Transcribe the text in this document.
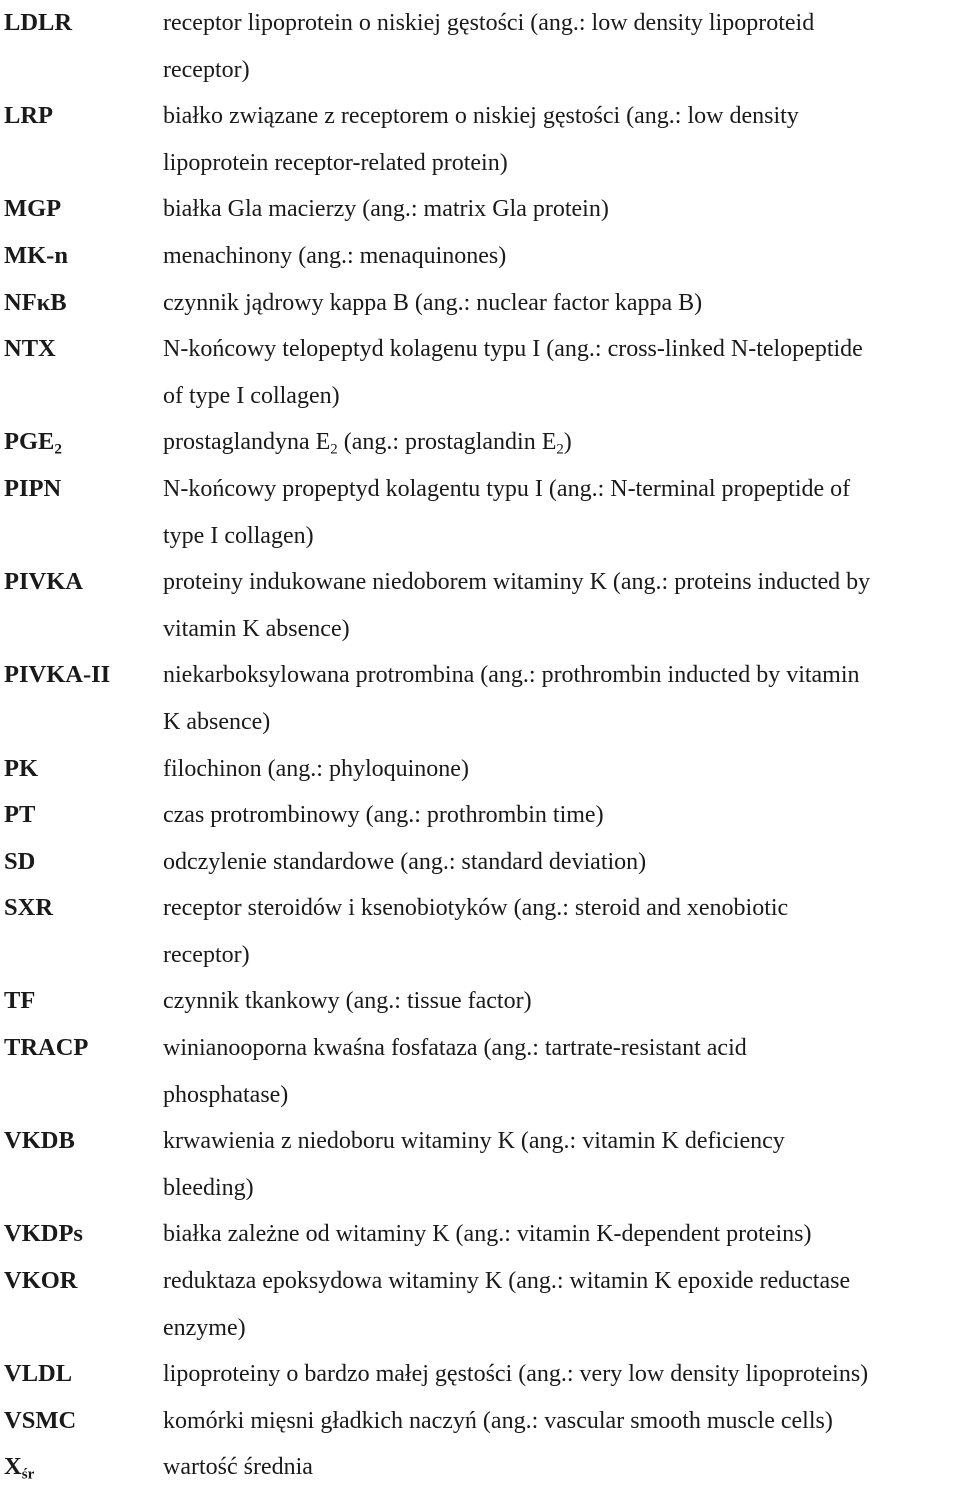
LDLR	receptor lipoprotein o niskiej gęstości (ang.: low density lipoproteid
receptor)
LRP	białko związane z receptorem o niskiej gęstości (ang.: low density
lipoprotein receptor-related protein)
MGP	białka Gla macierzy (ang.: matrix Gla protein)
MK-n	menachinony (ang.: menaquinones)
NFκB	czynnik jądrowy kappa B (ang.: nuclear factor kappa B)
NTX	N-końcowy telopeptyd kolagenu typu I (ang.: cross-linked N-telopeptide
of type I collagen)
$PGE_2$	prostaglandyna $E_2$ (ang.: prostaglandin $E_2$)
PIPN	N-końcowy propeptyd kolagentu typu I (ang.: N-terminal propeptide of
type I collagen)
PIVKA	proteiny indukowane niedoborem witaminy K (ang.: proteins inducted by
vitamin K absence)
PIVKA-II	niekarboksylowana protrombina (ang.: prothrombin inducted by vitamin
K absence)
PK	filochinon (ang.: phyloquinone)
PT	czas protrombinowy (ang.: prothrombin time)
SD	odczylenie standardowe (ang.: standard deviation)
SXR	receptor steroidów i ksenobiotyków (ang.: steroid and xenobiotic
receptor)
TF	czynnik tkankowy (ang.: tissue factor)
TRACP	winianooporna kwaśna fosfataza (ang.: tartrate-resistant acid
phosphatase)
VKDB	krwawienia z niedoboru witaminy K (ang.: vitamin K deficiency
bleeding)
VKDPs	białka zależne od witaminy K (ang.: vitamin K-dependent proteins)
VKOR	reduktaza epoksydowa witaminy K (ang.: witamin K epoxide reductase
enzyme)
VLDL	lipoproteiny o bardzo małej gęstości (ang.: very low density lipoproteins)
VSMC	komórki mięsni gładkich naczyń (ang.: vascular smooth muscle cells)
$X_{śr}$	wartość średnia
